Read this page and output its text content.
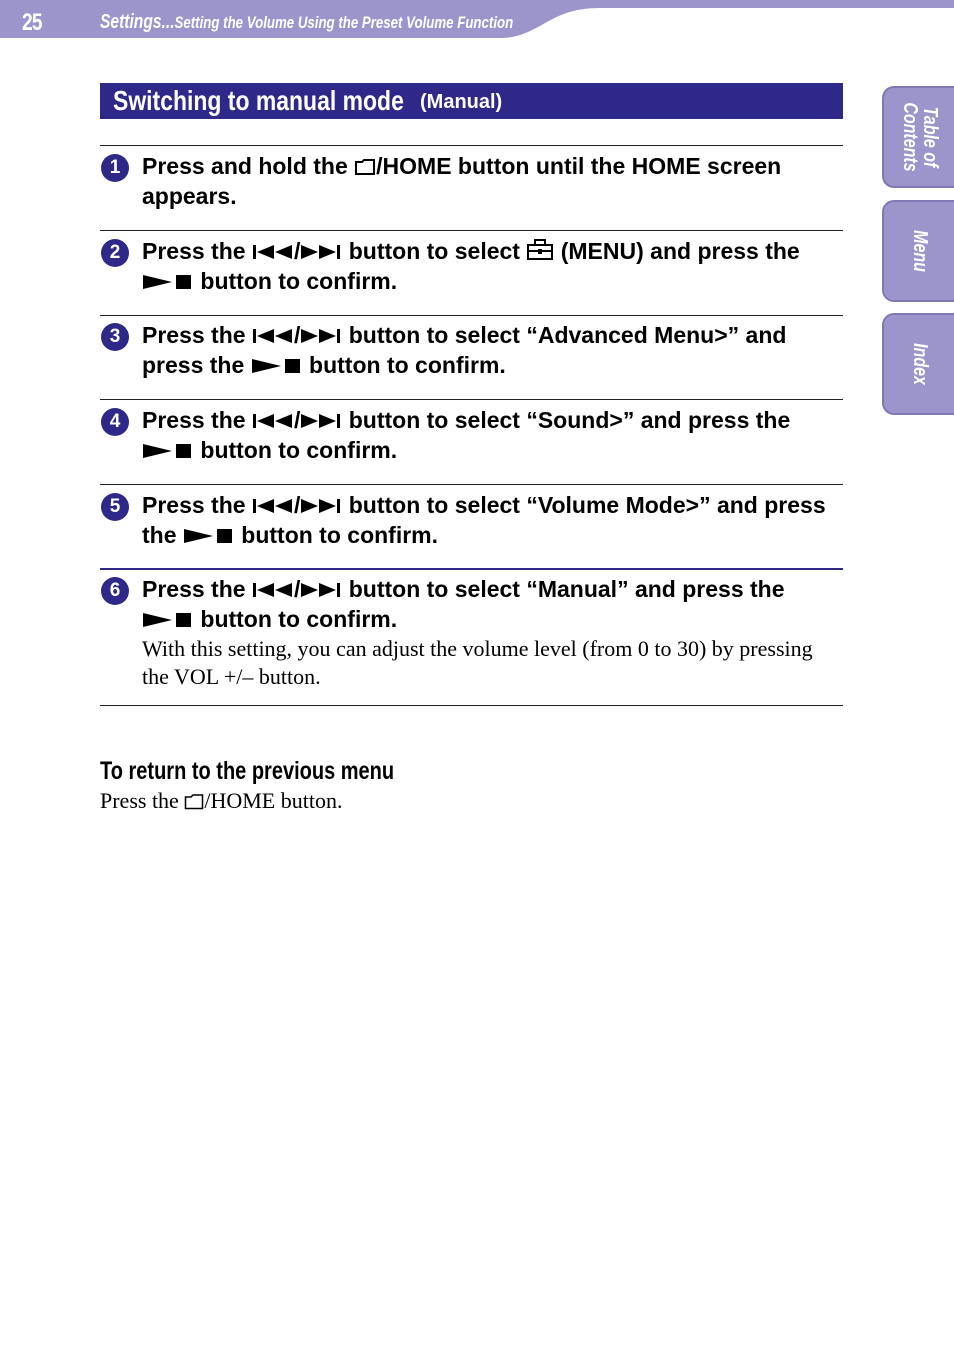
25	Settings...Setting the Volume Using the Preset Volume Function
Table of
Contents
Menu
Index
Switching to manual mode (Manual)
1 Press and hold the /HOME button until the HOME screen appears.
2 Press the / button to select  (MENU) and press the  button to confirm.
3 Press the / button to select “Advanced Menu>” and press the  button to confirm.
4 Press the / button to select “Sound>” and press the  button to confirm.
5 Press the / button to select “Volume Mode>” and press the  button to confirm.
6 Press the / button to select “Manual” and press the  button to confirm.
With this setting, you can adjust the volume level (from 0 to 30) by pressing the VOL +/– button.
To return to the previous menu
Press the /HOME button.
